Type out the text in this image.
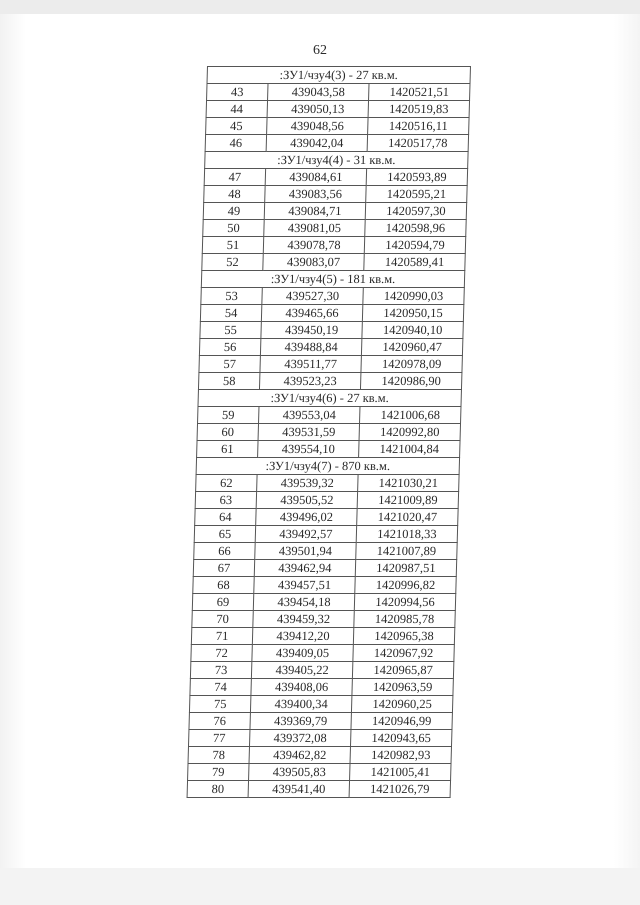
62
:ЗУ1/чзу4(3) - 27 кв.м.		
43	439043,58	1420521,51
44	439050,13	1420519,83
45	439048,56	1420516,11
46	439042,04	1420517,78
:ЗУ1/чзу4(4) - 31 кв.м.		
47	439084,61	1420593,89
48	439083,56	1420595,21
49	439084,71	1420597,30
50	439081,05	1420598,96
51	439078,78	1420594,79
52	439083,07	1420589,41
:ЗУ1/чзу4(5) - 181 кв.м.		
53	439527,30	1420990,03
54	439465,66	1420950,15
55	439450,19	1420940,10
56	439488,84	1420960,47
57	439511,77	1420978,09
58	439523,23	1420986,90
:ЗУ1/чзу4(6) - 27 кв.м.		
59	439553,04	1421006,68
60	439531,59	1420992,80
61	439554,10	1421004,84
:ЗУ1/чзу4(7) - 870 кв.м.		
62	439539,32	1421030,21
63	439505,52	1421009,89
64	439496,02	1421020,47
65	439492,57	1421018,33
66	439501,94	1421007,89
67	439462,94	1420987,51
68	439457,51	1420996,82
69	439454,18	1420994,56
70	439459,32	1420985,78
71	439412,20	1420965,38
72	439409,05	1420967,92
73	439405,22	1420965,87
74	439408,06	1420963,59
75	439400,34	1420960,25
76	439369,79	1420946,99
77	439372,08	1420943,65
78	439462,82	1420982,93
79	439505,83	1421005,41
80	439541,40	1421026,79
